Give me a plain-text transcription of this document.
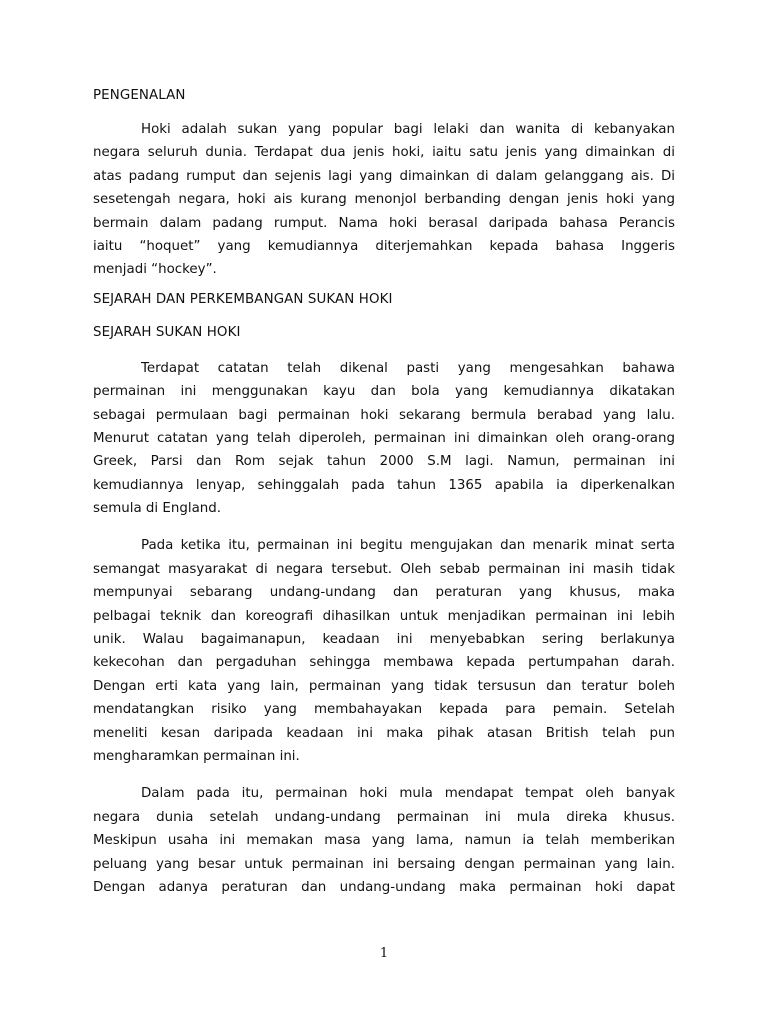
PENGENALAN
Hoki adalah sukan yang popular bagi lelaki dan wanita di kebanyakan
negara seluruh dunia. Terdapat dua jenis hoki, iaitu satu jenis yang dimainkan di
atas padang rumput dan sejenis lagi yang dimainkan di dalam gelanggang ais. Di
sesetengah negara, hoki ais kurang menonjol berbanding dengan jenis hoki yang
bermain dalam padang rumput. Nama hoki berasal daripada bahasa Perancis
iaitu “hoquet” yang kemudiannya diterjemahkan kepada bahasa Inggeris
menjadi “hockey”.
SEJARAH DAN PERKEMBANGAN SUKAN HOKI
SEJARAH SUKAN HOKI
Terdapat catatan telah dikenal pasti yang mengesahkan bahawa
permainan ini menggunakan kayu dan bola yang kemudiannya dikatakan
sebagai permulaan bagi permainan hoki sekarang bermula berabad yang lalu.
Menurut catatan yang telah diperoleh, permainan ini dimainkan oleh orang-orang
Greek, Parsi dan Rom sejak tahun 2000 S.M lagi. Namun, permainan ini
kemudiannya lenyap, sehinggalah pada tahun 1365 apabila ia diperkenalkan
semula di England.
Pada ketika itu, permainan ini begitu mengujakan dan menarik minat serta
semangat masyarakat di negara tersebut. Oleh sebab permainan ini masih tidak
mempunyai sebarang undang-undang dan peraturan yang khusus, maka
pelbagai teknik dan koreografi dihasilkan untuk menjadikan permainan ini lebih
unik. Walau bagaimanapun, keadaan ini menyebabkan sering berlakunya
kekecohan dan pergaduhan sehingga membawa kepada pertumpahan darah.
Dengan erti kata yang lain, permainan yang tidak tersusun dan teratur boleh
mendatangkan risiko yang membahayakan kepada para pemain. Setelah
meneliti kesan daripada keadaan ini maka pihak atasan British telah pun
mengharamkan permainan ini.
Dalam pada itu, permainan hoki mula mendapat tempat oleh banyak
negara dunia setelah undang-undang permainan ini mula direka khusus.
Meskipun usaha ini memakan masa yang lama, namun ia telah memberikan
peluang yang besar untuk permainan ini bersaing dengan permainan yang lain.
Dengan adanya peraturan dan undang-undang maka permainan hoki dapat
1
